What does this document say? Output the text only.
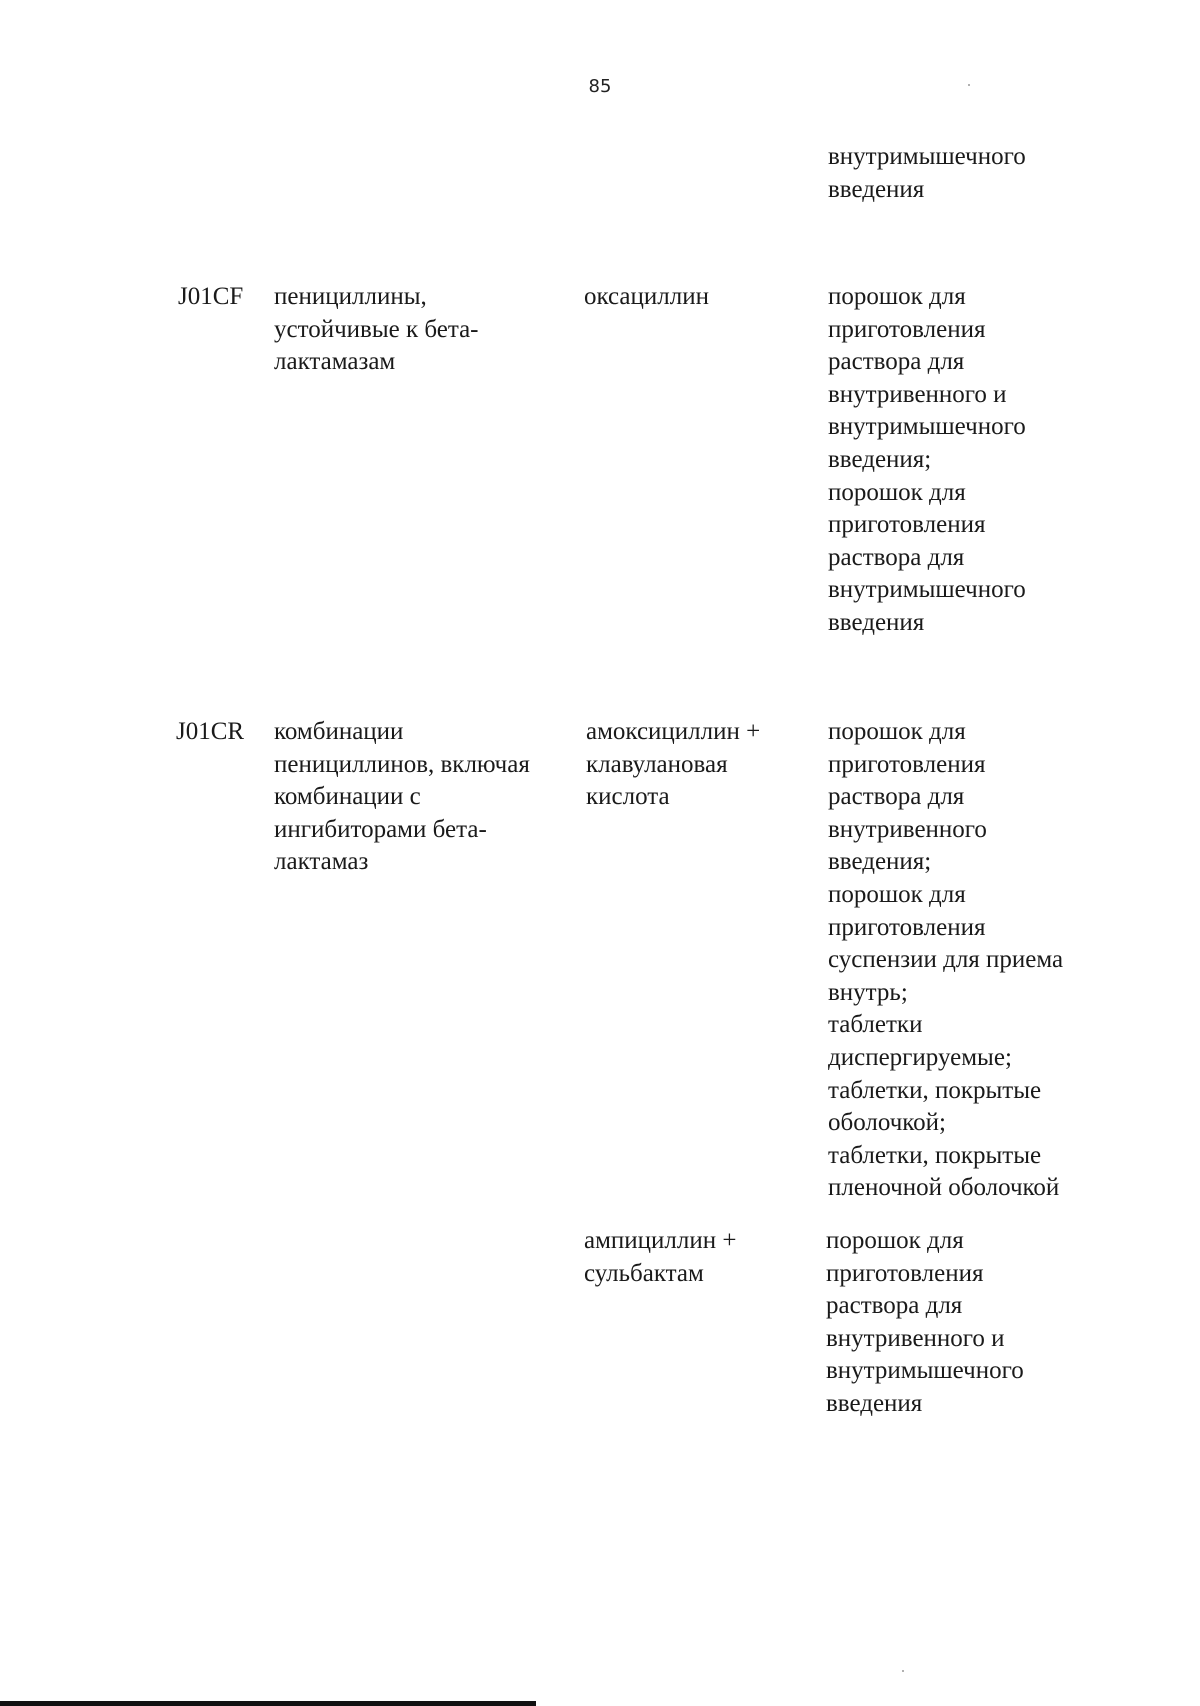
85
внутримышечного
введения
J01CF пенициллины,
устойчивые к бета-
лактамазам
оксациллин	порошок для
приготовления
раствора для
внутривенного и
внутримышечного
введения;
порошок для
приготовления
раствора для
внутримышечного
введения
J01CR комбинации
пенициллинов, включая
комбинации с
ингибиторами бета-
лактамаз
амоксициллин +
клавулановая
кислота
порошок для
приготовления
раствора для
внутривенного
введения;
порошок для
приготовления
суспензии для приема
внутрь;
таблетки
диспергируемые;
таблетки, покрытые
оболочкой;
таблетки, покрытые
пленочной оболочкой
ампициллин +
сульбактам
порошок для
приготовления
раствора для
внутривенного и
внутримышечного
введения
